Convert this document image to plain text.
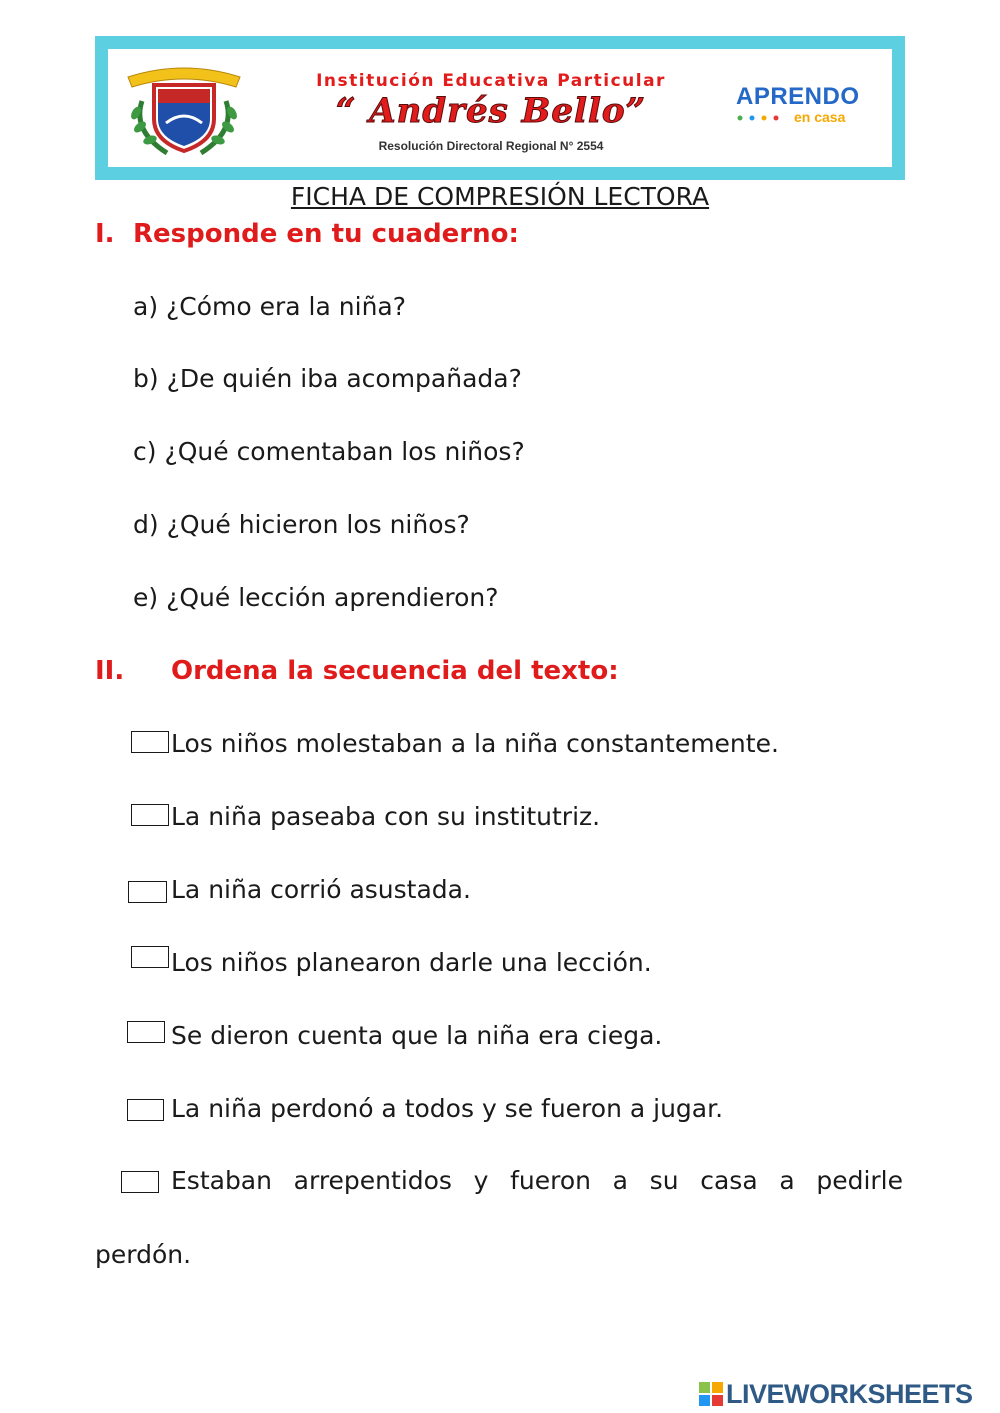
Institución Educativa Particular
“ Andrés Bello”
Resolución Directoral Regional N° 2554
APRENDO
en casa
FICHA DE COMPRESIÓN LECTORA
I. Responde en tu cuaderno:
a) ¿Cómo era la niña?
b) ¿De quién iba acompañada?
c) ¿Qué comentaban los niños?
d) ¿Qué hicieron los niños?
e) ¿Qué lección aprendieron?
II. Ordena la secuencia del texto:
Los niños molestaban a la niña constantemente.
La niña paseaba con su institutriz.
La niña corrió asustada.
Los niños planearon darle una lección.
Se dieron cuenta que la niña era ciega.
La niña perdonó a todos y se fueron a jugar.
Estaban arrepentidos y fueron a su casa a pedirle
perdón.
LIVEWORKSHEETS
